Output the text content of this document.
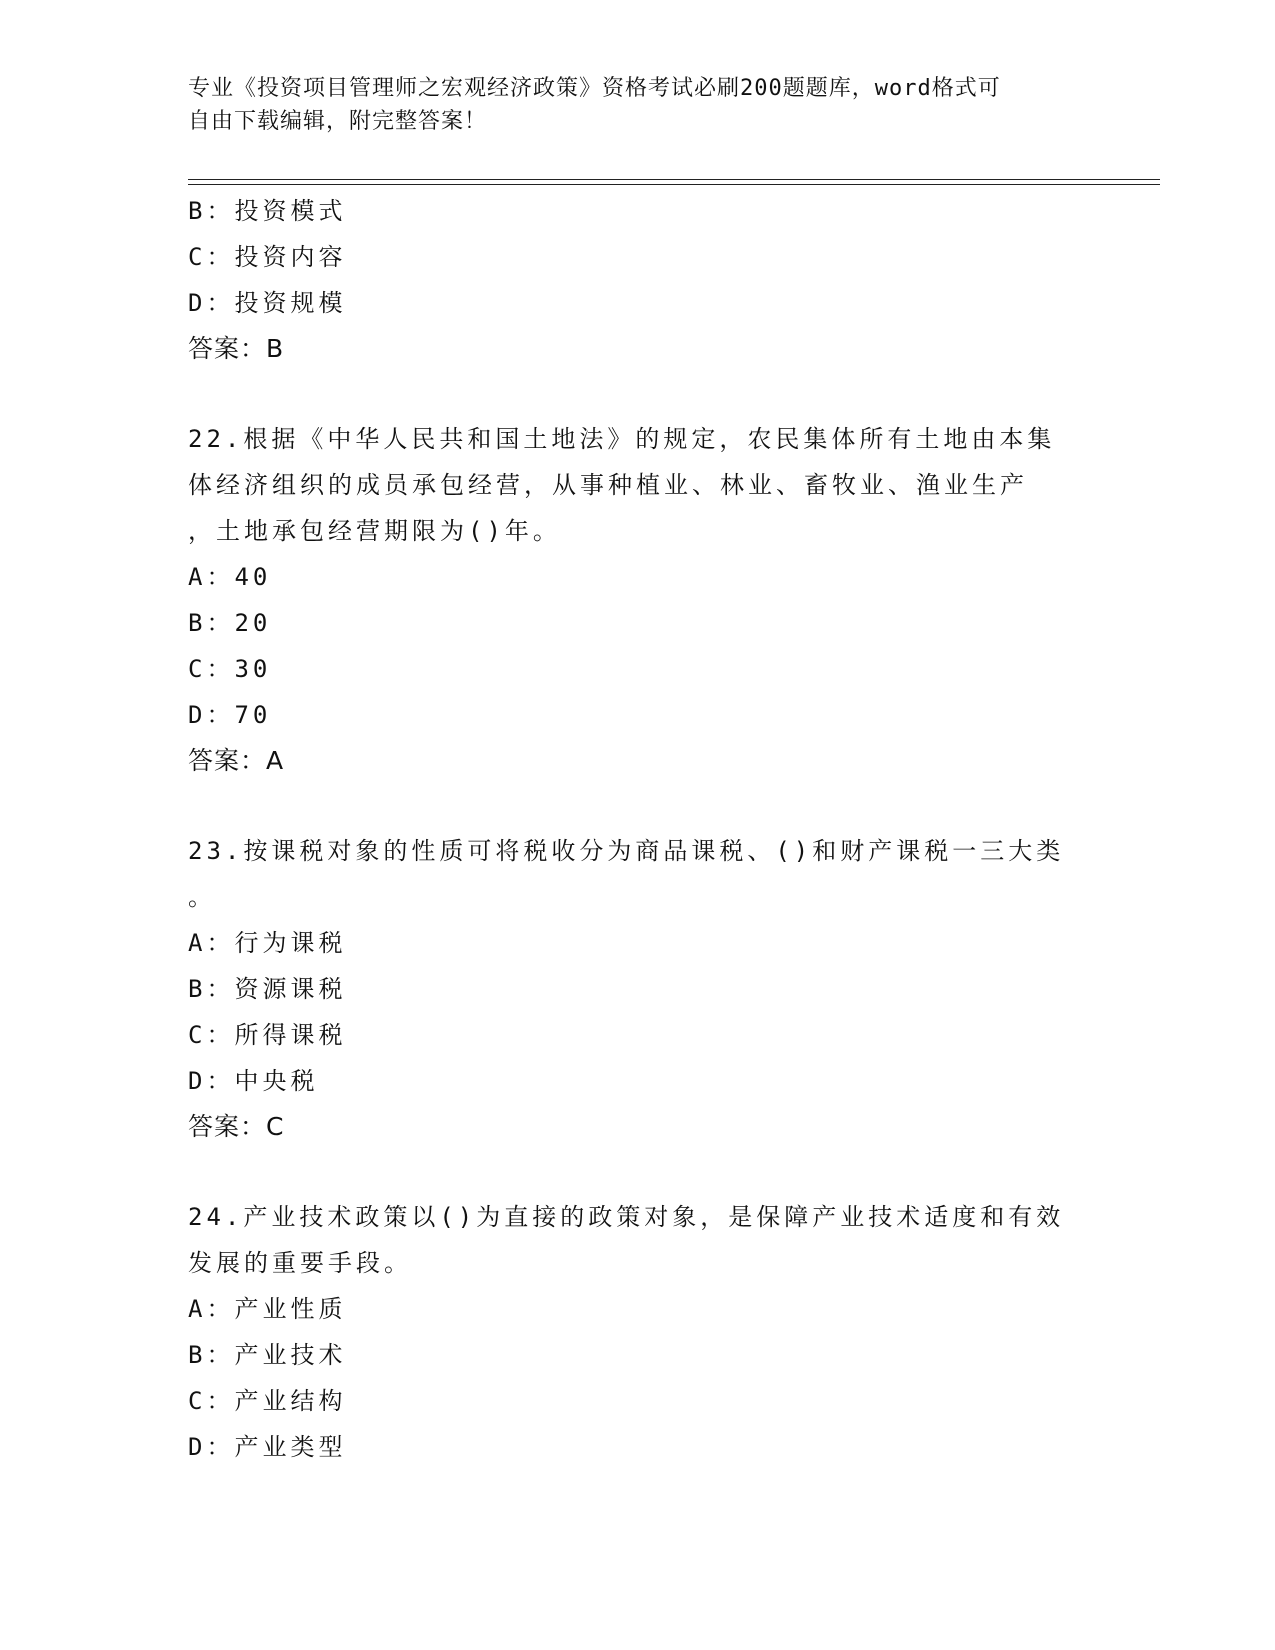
专业《投资项目管理师之宏观经济政策》资格考试必刷200题题库，word格式可
自由下载编辑，附完整答案！
B：投资模式
C：投资内容
D：投资规模
答案：B
22.根据《中华人民共和国土地法》的规定，农民集体所有土地由本集
体经济组织的成员承包经营，从事种植业、林业、畜牧业、渔业生产
，土地承包经营期限为()年。
A：40
B：20
C：30
D：70
答案：A
23.按课税对象的性质可将税收分为商品课税、()和财产课税一三大类
。
A：行为课税
B：资源课税
C：所得课税
D：中央税
答案：C
24.产业技术政策以()为直接的政策对象，是保障产业技术适度和有效
发展的重要手段。
A：产业性质
B：产业技术
C：产业结构
D：产业类型
